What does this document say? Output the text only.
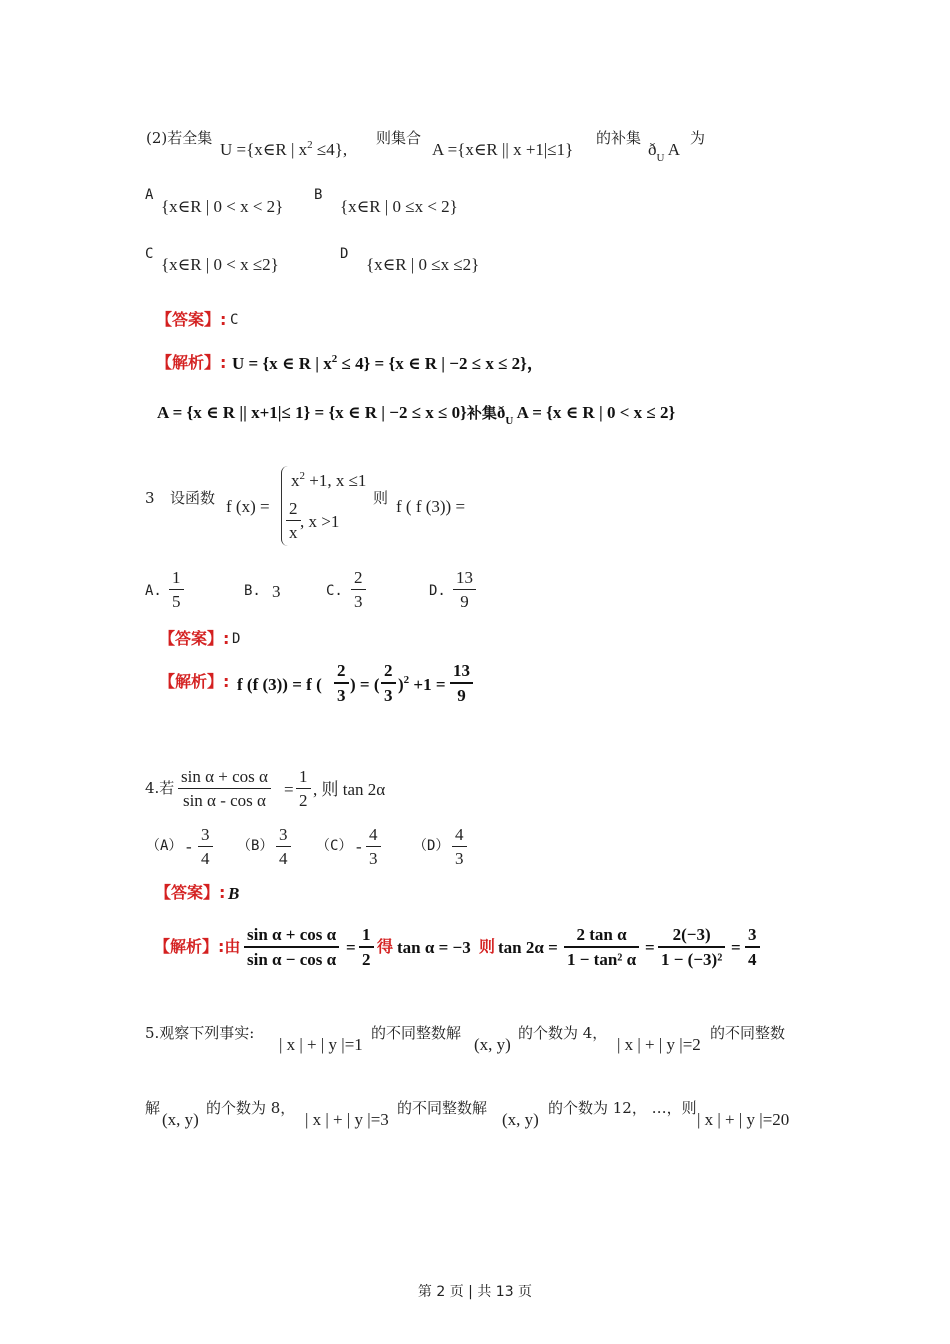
(2)若全集
U ={x∈R | $x^2 \le 4$},
则集合
A ={x∈R || x +1|≤1}
的补集
$ð_U$ A
为
A
{x∈R | 0 < x < 2}
B
{x∈R | 0 ≤x < 2}
C
{x∈R | 0 < x ≤2}
D
{x∈R | 0 ≤x ≤2}
【答案】: C
【解析】: U = {x ∈ R | $x^2 \le 4\} = \{x$ ∈ R | −2 ≤ x ≤ 2}，
A = {x ∈ R || x+1|≤ 1} = {x ∈ R | −2 ≤ x ≤ 0}补集$ð_U$ A = {x ∈ R | 0 < x ≤ 2}
3 设函数 f (x) =
$x^2 +1$, x ≤1
2
x
, x >1
则 f ( f (3)) =
A.
1
5
B. 3	C.
2
3
D.
13
9
【答案】: D
【解析】: f (f (3)) = f (
2
3
) = (
2
3
)$^2$ +1 =
13
9
4.若
sin α + cos α
sin α - cos α
=
1
2
, 则 tan 2α
（A） -
3
4
（B）
3
4
（C） -
4
3
（D）
4
3
【答案】: B
【解析】:由
sin α + cos α
sin α − cos α
=
1
2
得 tan α = −3 则 tan 2α =
2 tan α
1 − tan² α
=
2(−3)
1 − (−3)²
=
3
4
5.观察下列事实:
| x | + | y |=1
的不同整数解
(x, y)
的个数为 4，
| x | + | y |=2
的不同整数
解
(x, y)
的个数为 8，
| x | + | y |=3
的不同整数解
(x, y)
的个数为 12， …，则
| x | + | y |=20
第 2 页 | 共 13 页
